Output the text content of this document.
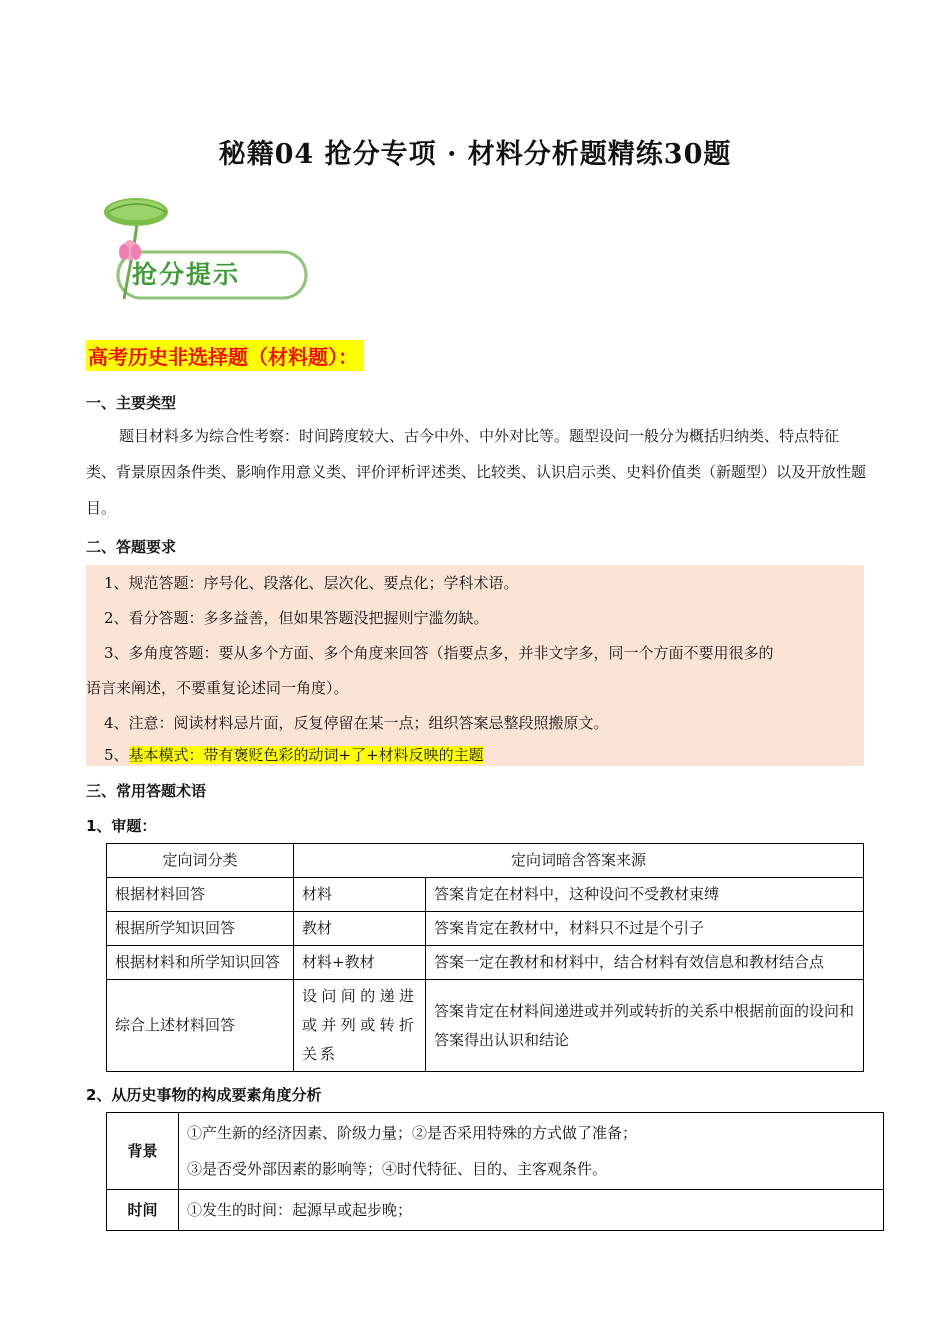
秘籍04 抢分专项 · 材料分析题精练30题
抢分提示
高考历史非选择题（材料题）：
一、主要类型
题目材料多为综合性考察：时间跨度较大、古今中外、中外对比等。题型设问一般分为概括归纳类、特点特征类、背景原因条件类、影响作用意义类、评价评析评述类、比较类、认识启示类、史料价值类（新题型）以及开放性题目。
二、答题要求
1、规范答题：序号化、段落化、层次化、要点化；学科术语。
2、看分答题：多多益善，但如果答题没把握则宁滥勿缺。
3、多角度答题：要从多个方面、多个角度来回答（指要点多，并非文字多，同一个方面不要用很多的
语言来阐述，不要重复论述同一角度）。
4、注意：阅读材料忌片面，反复停留在某一点；组织答案忌整段照搬原文。
5、基本模式：带有褒贬色彩的动词+了+材料反映的主题
三、常用答题术语
1、审题：
定向词分类	定向词暗含答案来源	
根据材料回答	材料	答案肯定在材料中，这种设问不受教材束缚
根据所学知识回答	教材	答案肯定在教材中，材料只不过是个引子
根据材料和所学知识回答	材料+教材	答案一定在教材和材料中，结合材料有效信息和教材结合点
综合上述材料回答	设问间的递进或并列或转折关系	答案肯定在材料间递进或并列或转折的关系中根据前面的设问和答案得出认识和结论
2、从历史事物的构成要素角度分析
背景	①产生新的经济因素、阶级力量；②是否采用特殊的方式做了准备；
③是否受外部因素的影响等；④时代特征、目的、主客观条件。

时间	①发生的时间：起源早或起步晚；
